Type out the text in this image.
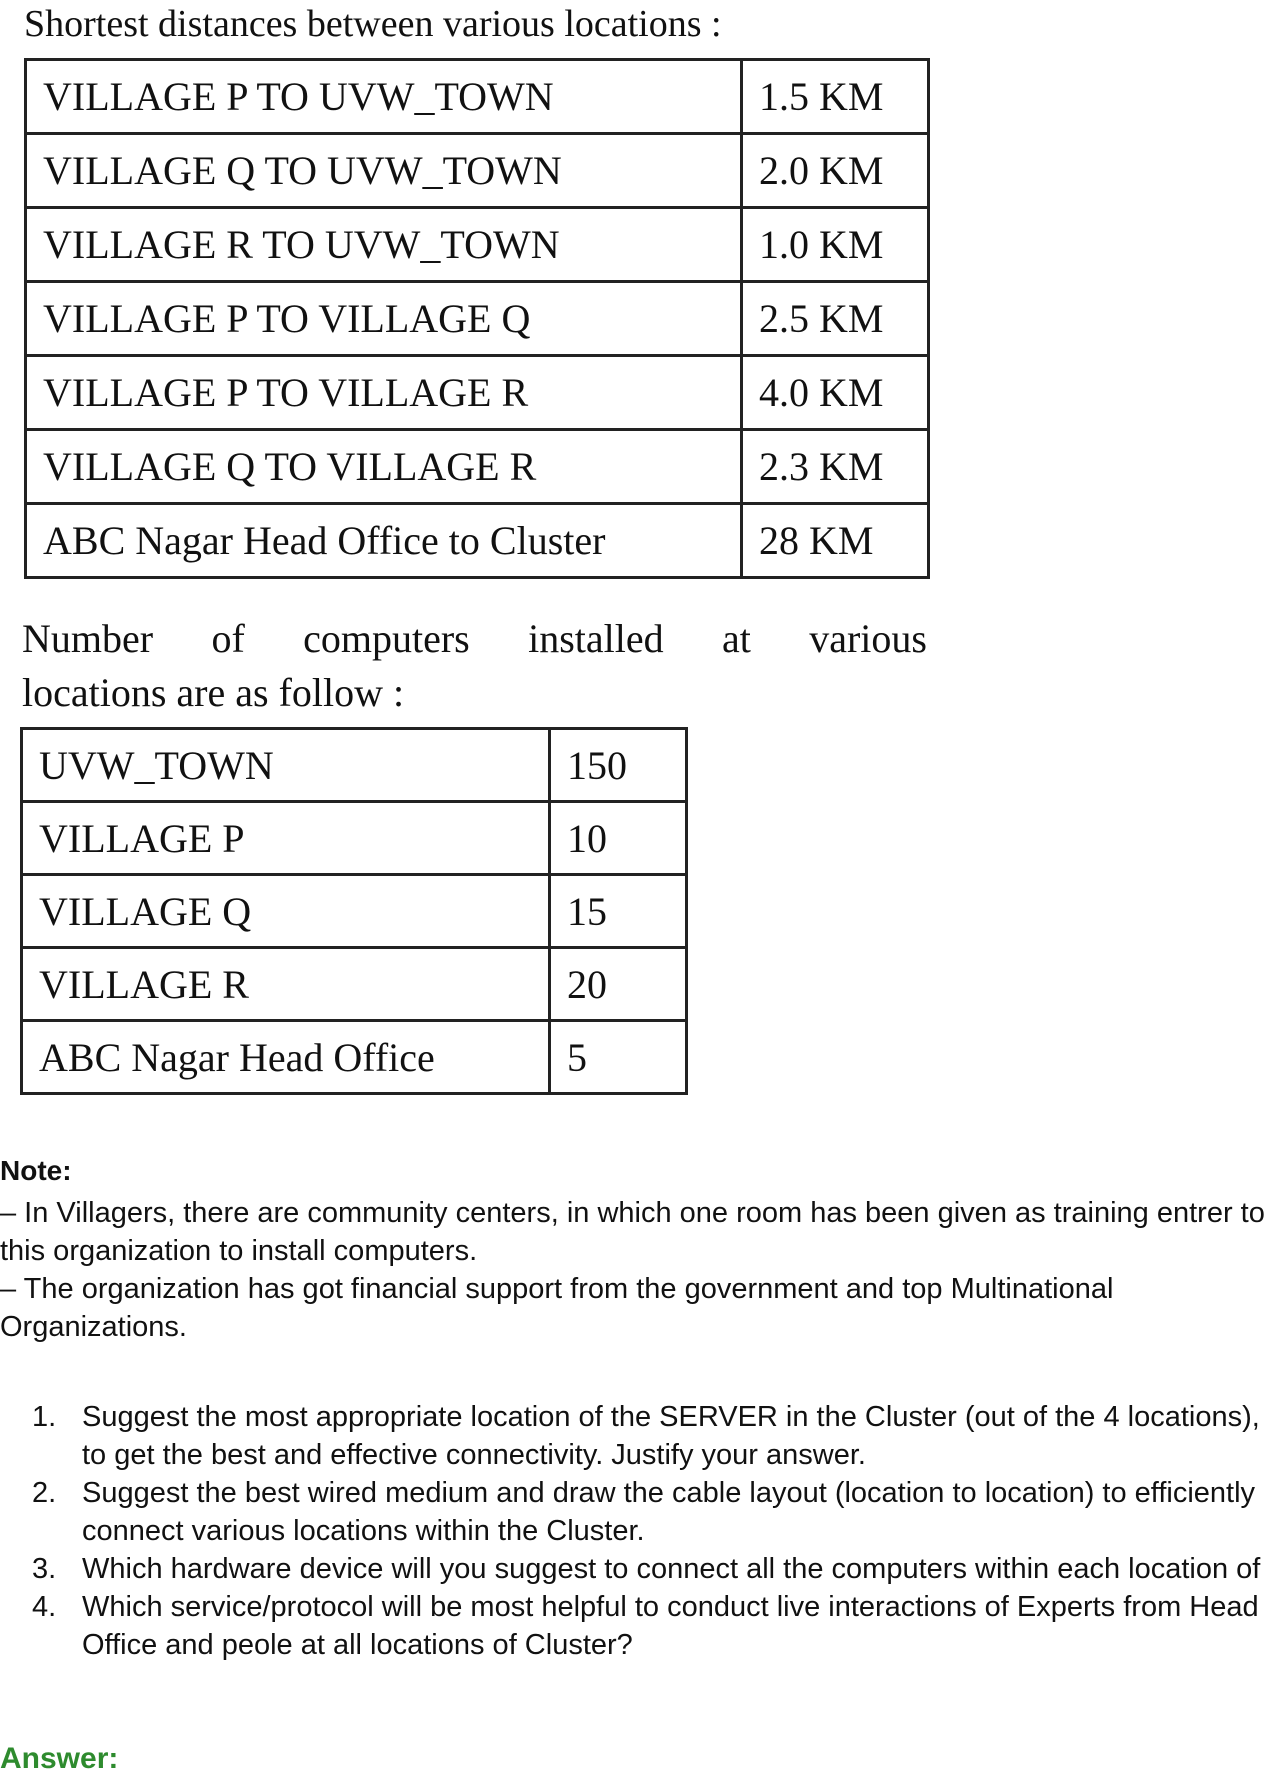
Shortest distances between various locations :
VILLAGE P TO UVW_TOWN	1.5 KM
VILLAGE Q TO UVW_TOWN	2.0 KM
VILLAGE R TO UVW_TOWN	1.0 KM
VILLAGE P TO VILLAGE Q	2.5 KM
VILLAGE P TO VILLAGE R	4.0 KM
VILLAGE Q TO VILLAGE R	2.3 KM
ABC Nagar Head Office to Cluster	28 KM
Number of computers installed at various
locations are as follow :
UVW_TOWN	150
VILLAGE P	10
VILLAGE Q	15
VILLAGE R	20
ABC Nagar Head Office	5
Note:

– In Villagers, there are community centers, in which one room has been given as training entrer to this organization to install computers.

– The organization has got financial support from the government and top Multinational Organizations.

1. Suggest the most appropriate location of the SERVER in the Cluster (out of the 4 locations), to get the best and effective connectivity. Justify your answer.
2. Suggest the best wired medium and draw the cable layout (location to location) to efficiently connect various locations within the Cluster.
3. Which hardware device will you suggest to connect all the computers within each location of
4. Which service/protocol will be most helpful to conduct live interactions of Experts from Head Office and peole at all locations of Cluster?
Answer:
